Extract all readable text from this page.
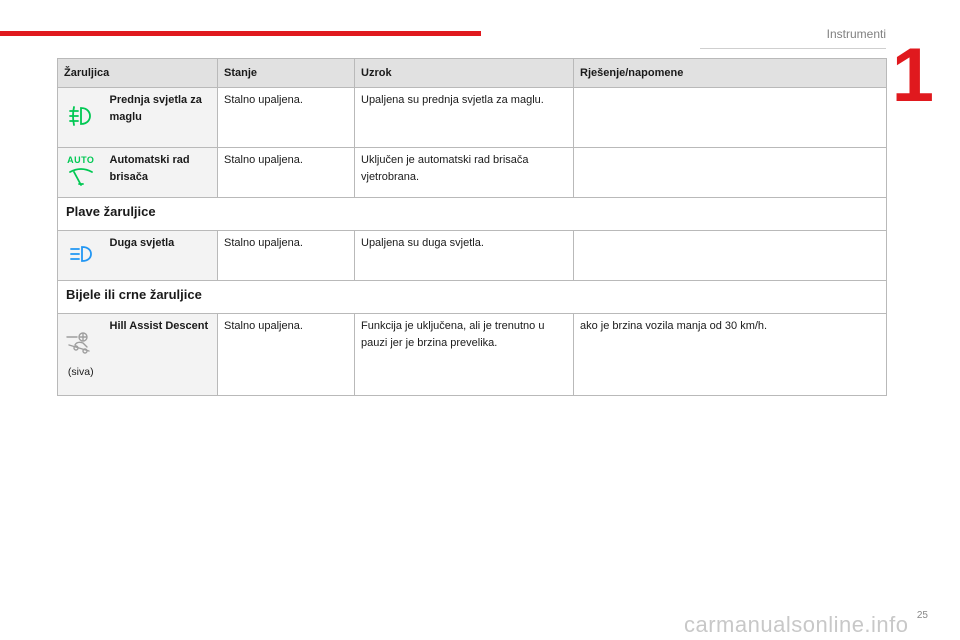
Instrumenti 1
Žaruljica		Stanje	Uzrok	Rješenje/napomene
	Prednja svjetla za maglu	Stalno upaljena.	Upaljena su prednja svjetla za maglu.	

AUTO	Automatski rad brisača	Stalno upaljena.	Uključen je automatski rad brisača vjetrobrana.	
Plave žaruljice				
	Duga svjetla	Stalno upaljena.	Upaljena su duga svjetla.	
Bijele ili crne žaruljice				

(siva)	Hill Assist Descent	Stalno upaljena.	Funkcija je uključena, ali je trenutno u pauzi jer je brzina prevelika.	ako je brzina vozila manja od 30 km/h.
25
carmanualsonline.info
